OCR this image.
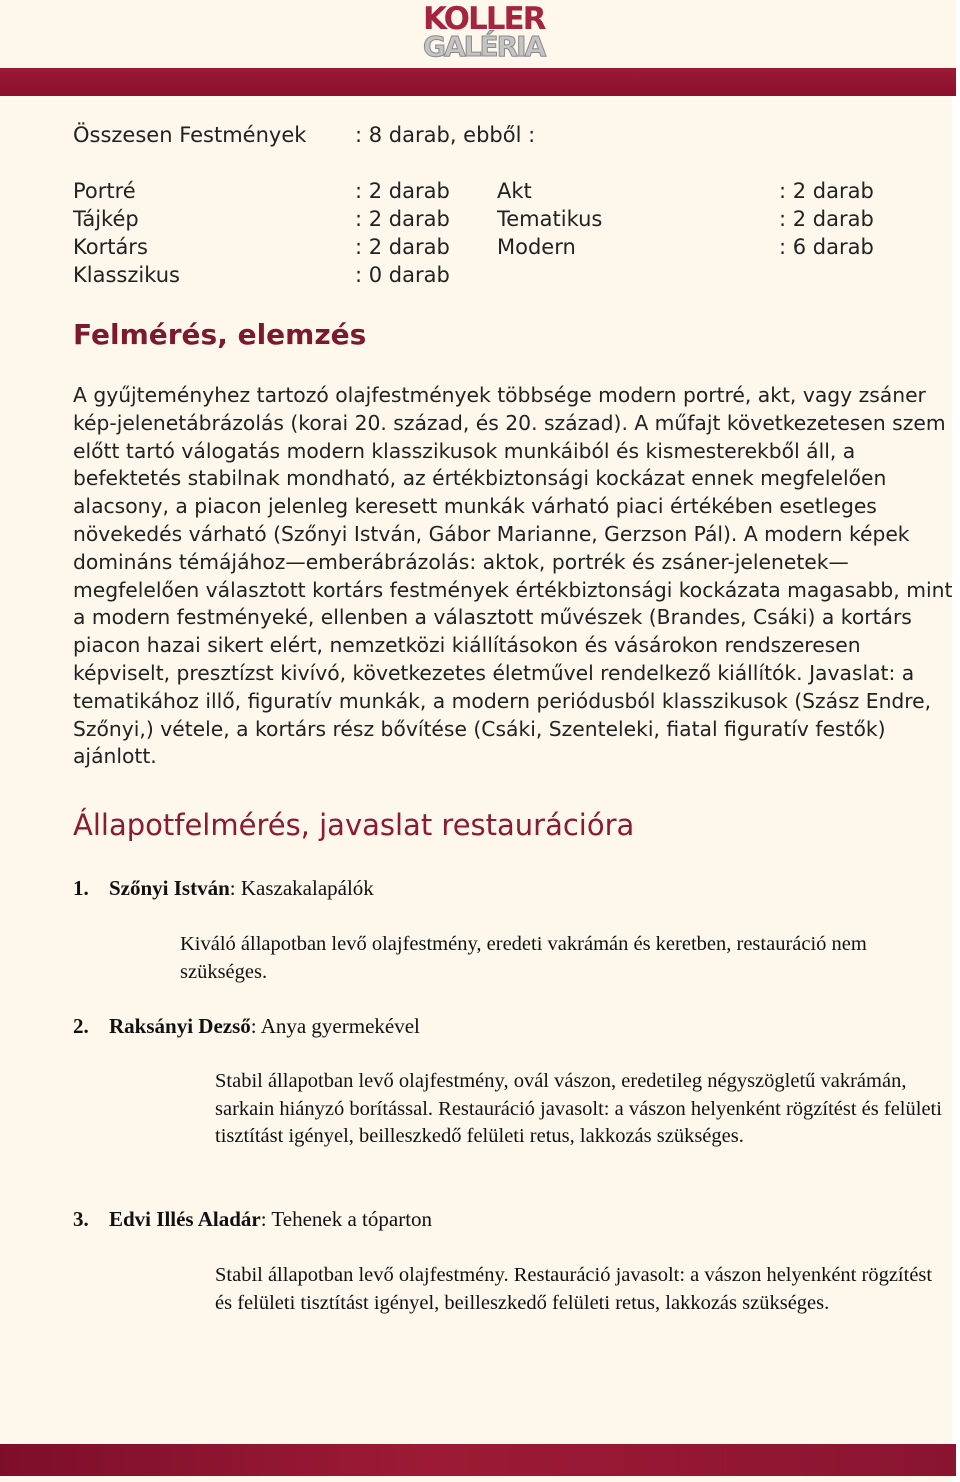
KOLLER
GALÉRIA
Összesen Festmények : 8 darab, ebből :
Portré	: 2 darab Akt	: 2 darab
Tájkép	: 2 darab Tematikus	: 2 darab
Kortárs	: 2 darab Modern	: 6 darab
Klasszikus	: 0 darab
Felmérés, elemzés

A gyűjteményhez tartozó olajfestmények többsége modern portré, akt, vagy zsáner kép-jelenetábrázolás (korai 20. század, és 20. század). A műfajt következetesen szem előtt tartó válogatás modern klasszikusok munkáiból és kismesterekből áll, a befektetés stabilnak mondható, az értékbiztonsági kockázat ennek megfelelően alacsony, a piacon jelenleg keresett munkák várható piaci értékében esetleges növekedés várható (Szőnyi István, Gábor Marianne, Gerzson Pál). A modern képek domináns témájához—emberábrázolás: aktok, portrék és zsáner-jelenetek—megfelelően választott kortárs festmények értékbiztonsági kockázata magasabb, mint a modern festményeké, ellenben a választott művészek (Brandes, Csáki) a kortárs piacon hazai sikert elért, nemzetközi kiállításokon és vásárokon rendszeresen képviselt, presztízst kivívó, következetes életművel rendelkező kiállítók. Javaslat: a tematikához illő, figuratív munkák, a modern periódusból klasszikusok (Szász Endre, Szőnyi,) vétele, a kortárs rész bővítése (Csáki, Szenteleki, fiatal figuratív festők) ajánlott.

Állapotfelmérés, javaslat restaurációra
1. Szőnyi István: Kaszakalapálók

Kiváló állapotban levő olajfestmény, eredeti vakrámán és keretben, restauráció nem szükséges.

2. Raksányi Dezső: Anya gyermekével

Stabil állapotban levő olajfestmény, ovál vászon, eredetileg négyszögletű vakrámán, sarkain hiányzó borítással. Restauráció javasolt: a vászon helyenként rögzítést és felületi tisztítást igényel, beilleszkedő felületi retus, lakkozás szükséges.

3. Edvi Illés Aladár: Tehenek a tóparton

Stabil állapotban levő olajfestmény. Restauráció javasolt: a vászon helyenként rögzítést és felületi tisztítást igényel, beilleszkedő felületi retus, lakkozás szükséges.
